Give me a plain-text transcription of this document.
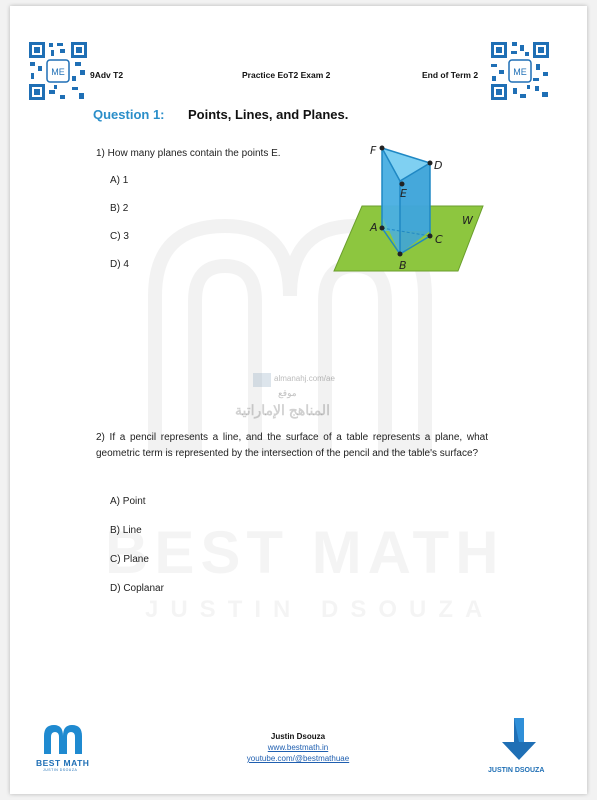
almanahj.com/ae
موقع
المناهج الإماراتية
ME	ME
9Adv T2	Practice EoT2 Exam 2	End of Term 2
Question 1: Points, Lines, and Planes.
1) How many planes contain the points E.
A) 1
B) 2
C) 3
D) 4
F
D
E
A
C
B
W
2) If a pencil represents a line, and the surface of a table represents a plane, what geometric term is represented by the intersection of the pencil and the table's surface?
A) Point
B) Line
C) Plane
D) Coplanar
BEST MATH
JUSTIN DSOUZA
Justin Dsouza
www.bestmath.in
youtube.com/@bestmathuae
JUSTIN DSOUZA
